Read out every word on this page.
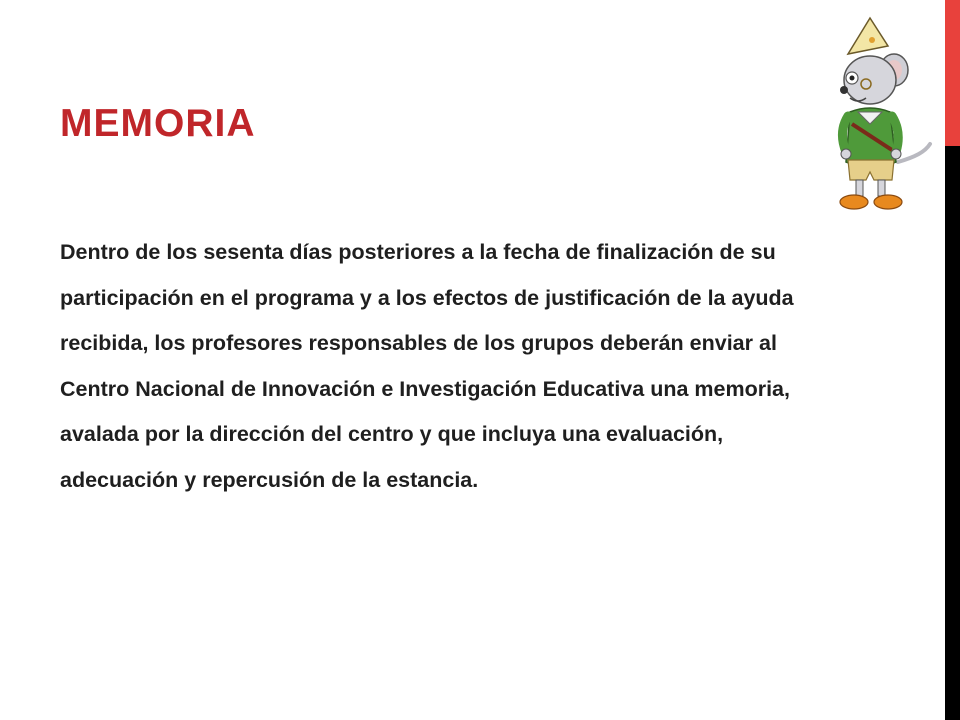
MEMORIA

Dentro de los sesenta días posteriores a la fecha de finalización de su participación en el programa y a los efectos de justificación de la ayuda recibida, los profesores responsables de los grupos deberán enviar al Centro Nacional de Innovación e Investigación Educativa una memoria, avalada por la dirección del centro y que incluya una evaluación, adecuación y repercusión de la estancia.
